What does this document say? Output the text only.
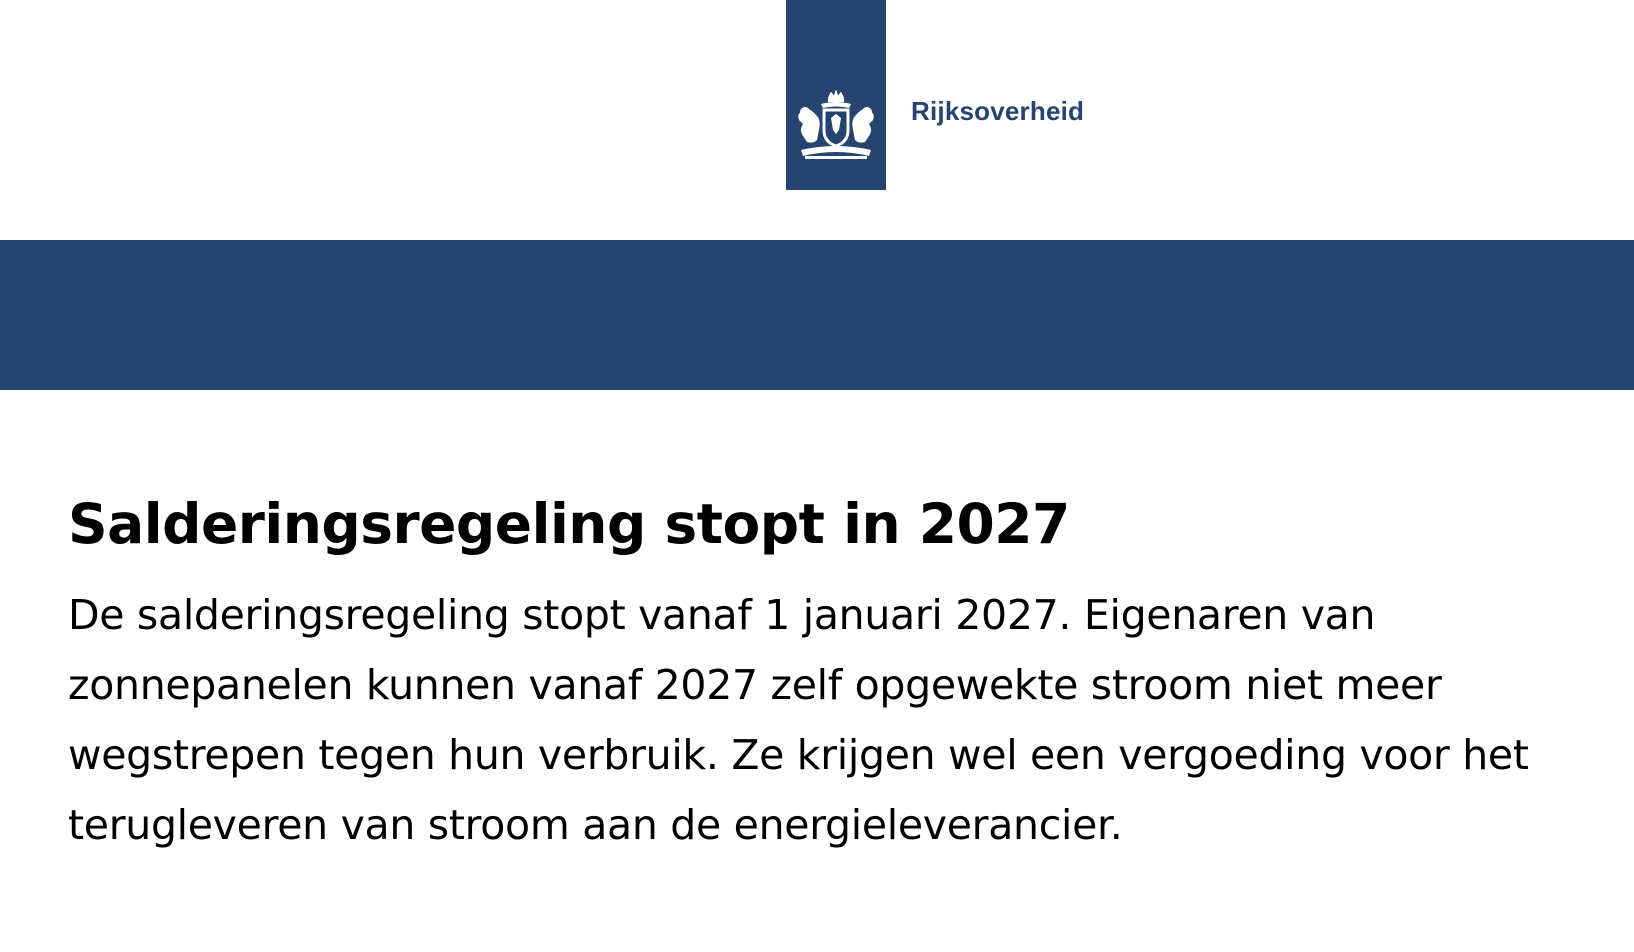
Rijksoverheid
Salderingsregeling stopt in 2027

De salderingsregeling stopt vanaf 1 januari 2027. Eigenaren van zonnepanelen kunnen vanaf 2027 zelf opgewekte stroom niet meer wegstrepen tegen hun verbruik. Ze krijgen wel een vergoeding voor het terugleveren van stroom aan de energieleverancier.
